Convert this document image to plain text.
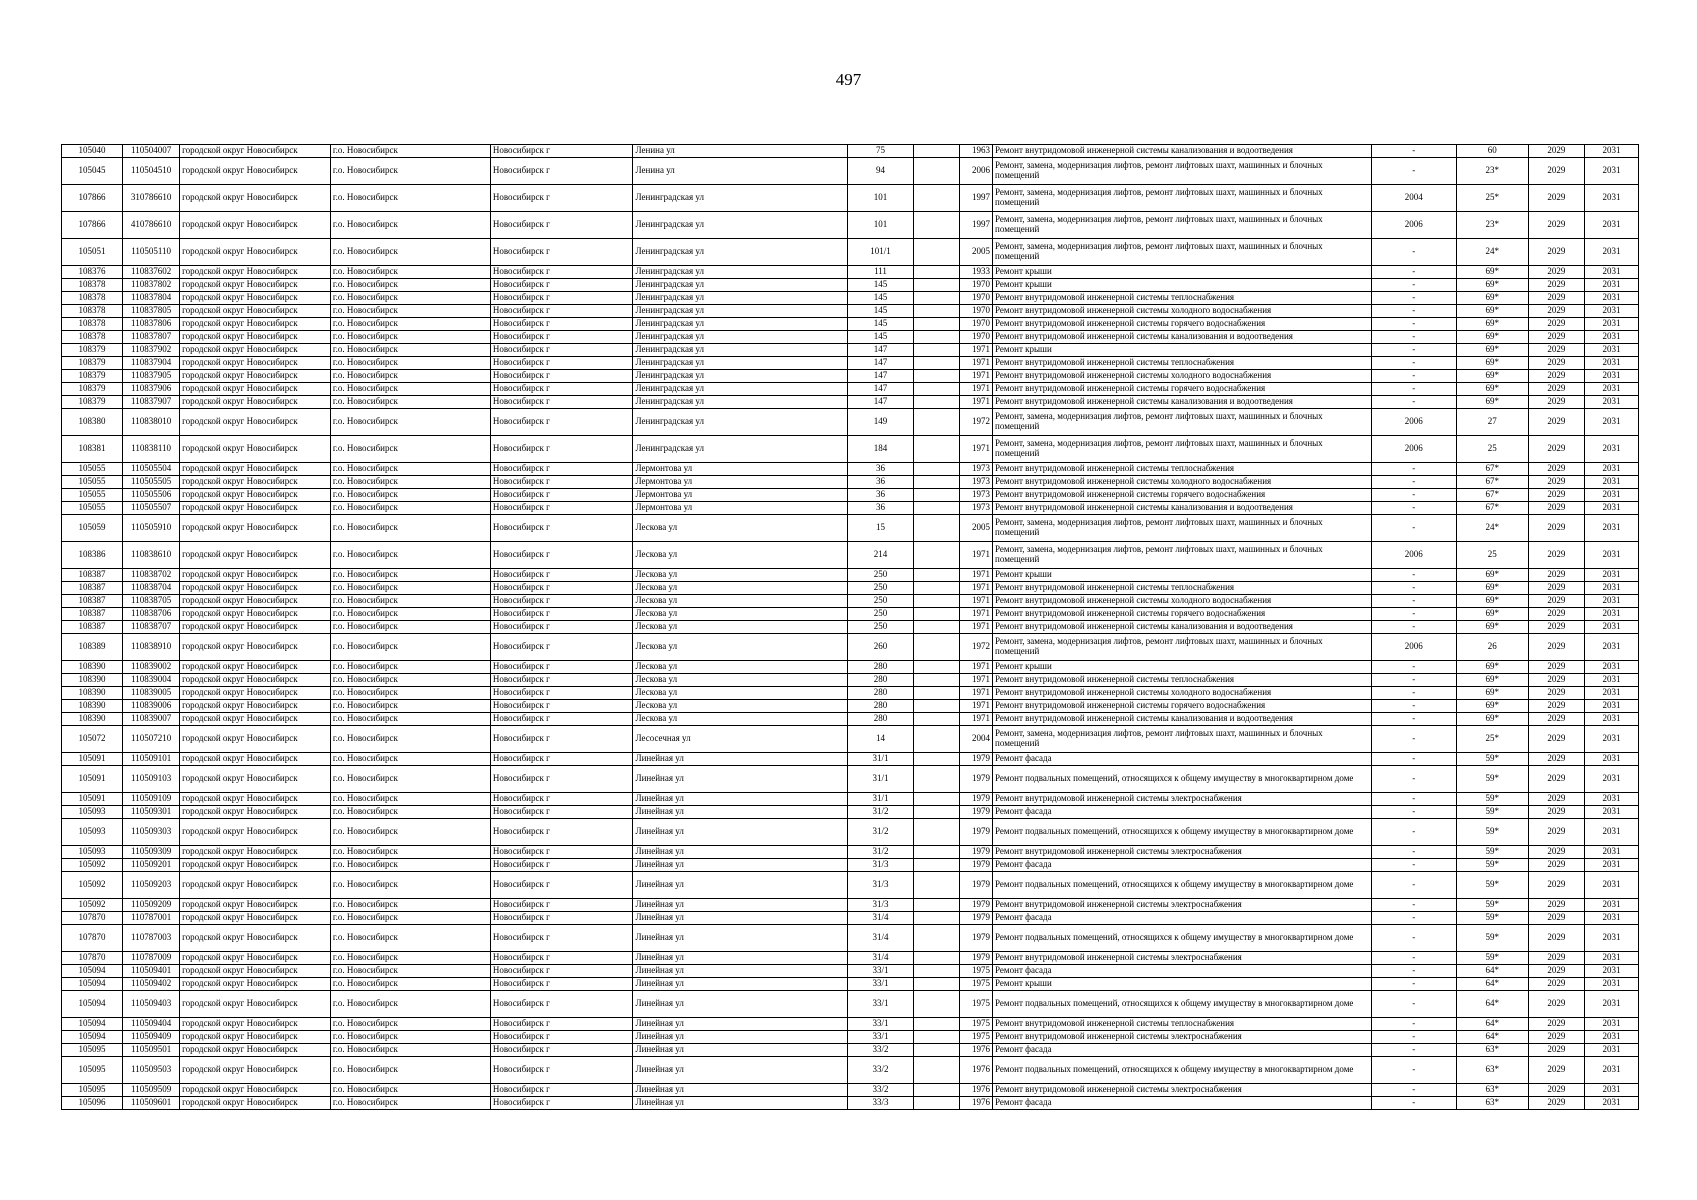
497
105040	110504007	городской округ Новосибирск	г.о. Новосибирск	Новосибирск г	Ленина ул	75		1963	Ремонт внутридомовой инженерной системы канализования и водоотведения	-	60	2029	2031
105045	110504510	городской округ Новосибирск	г.о. Новосибирск	Новосибирск г	Ленина ул	94		2006	Ремонт, замена, модернизация лифтов, ремонт лифтовых шахт, машинных и блочных помещений	-	23*	2029	2031
107866	310786610	городской округ Новосибирск	г.о. Новосибирск	Новосибирск г	Ленинградская ул	101		1997	Ремонт, замена, модернизация лифтов, ремонт лифтовых шахт, машинных и блочных помещений	2004	25*	2029	2031
107866	410786610	городской округ Новосибирск	г.о. Новосибирск	Новосибирск г	Ленинградская ул	101		1997	Ремонт, замена, модернизация лифтов, ремонт лифтовых шахт, машинных и блочных помещений	2006	23*	2029	2031
105051	110505110	городской округ Новосибирск	г.о. Новосибирск	Новосибирск г	Ленинградская ул	101/1		2005	Ремонт, замена, модернизация лифтов, ремонт лифтовых шахт, машинных и блочных помещений	-	24*	2029	2031
108376	110837602	городской округ Новосибирск	г.о. Новосибирск	Новосибирск г	Ленинградская ул	111		1933	Ремонт крыши	-	69*	2029	2031
108378	110837802	городской округ Новосибирск	г.о. Новосибирск	Новосибирск г	Ленинградская ул	145		1970	Ремонт крыши	-	69*	2029	2031
108378	110837804	городской округ Новосибирск	г.о. Новосибирск	Новосибирск г	Ленинградская ул	145		1970	Ремонт внутридомовой инженерной системы теплоснабжения	-	69*	2029	2031
108378	110837805	городской округ Новосибирск	г.о. Новосибирск	Новосибирск г	Ленинградская ул	145		1970	Ремонт внутридомовой инженерной системы холодного водоснабжения	-	69*	2029	2031
108378	110837806	городской округ Новосибирск	г.о. Новосибирск	Новосибирск г	Ленинградская ул	145		1970	Ремонт внутридомовой инженерной системы горячего водоснабжения	-	69*	2029	2031
108378	110837807	городской округ Новосибирск	г.о. Новосибирск	Новосибирск г	Ленинградская ул	145		1970	Ремонт внутридомовой инженерной системы канализования и водоотведения	-	69*	2029	2031
108379	110837902	городской округ Новосибирск	г.о. Новосибирск	Новосибирск г	Ленинградская ул	147		1971	Ремонт крыши	-	69*	2029	2031
108379	110837904	городской округ Новосибирск	г.о. Новосибирск	Новосибирск г	Ленинградская ул	147		1971	Ремонт внутридомовой инженерной системы теплоснабжения	-	69*	2029	2031
108379	110837905	городской округ Новосибирск	г.о. Новосибирск	Новосибирск г	Ленинградская ул	147		1971	Ремонт внутридомовой инженерной системы холодного водоснабжения	-	69*	2029	2031
108379	110837906	городской округ Новосибирск	г.о. Новосибирск	Новосибирск г	Ленинградская ул	147		1971	Ремонт внутридомовой инженерной системы горячего водоснабжения	-	69*	2029	2031
108379	110837907	городской округ Новосибирск	г.о. Новосибирск	Новосибирск г	Ленинградская ул	147		1971	Ремонт внутридомовой инженерной системы канализования и водоотведения	-	69*	2029	2031
108380	110838010	городской округ Новосибирск	г.о. Новосибирск	Новосибирск г	Ленинградская ул	149		1972	Ремонт, замена, модернизация лифтов, ремонт лифтовых шахт, машинных и блочных помещений	2006	27	2029	2031
108381	110838110	городской округ Новосибирск	г.о. Новосибирск	Новосибирск г	Ленинградская ул	184		1971	Ремонт, замена, модернизация лифтов, ремонт лифтовых шахт, машинных и блочных помещений	2006	25	2029	2031
105055	110505504	городской округ Новосибирск	г.о. Новосибирск	Новосибирск г	Лермонтова ул	36		1973	Ремонт внутридомовой инженерной системы теплоснабжения	-	67*	2029	2031
105055	110505505	городской округ Новосибирск	г.о. Новосибирск	Новосибирск г	Лермонтова ул	36		1973	Ремонт внутридомовой инженерной системы холодного водоснабжения	-	67*	2029	2031
105055	110505506	городской округ Новосибирск	г.о. Новосибирск	Новосибирск г	Лермонтова ул	36		1973	Ремонт внутридомовой инженерной системы горячего водоснабжения	-	67*	2029	2031
105055	110505507	городской округ Новосибирск	г.о. Новосибирск	Новосибирск г	Лермонтова ул	36		1973	Ремонт внутридомовой инженерной системы канализования и водоотведения	-	67*	2029	2031
105059	110505910	городской округ Новосибирск	г.о. Новосибирск	Новосибирск г	Лескова ул	15		2005	Ремонт, замена, модернизация лифтов, ремонт лифтовых шахт, машинных и блочных помещений	-	24*	2029	2031
108386	110838610	городской округ Новосибирск	г.о. Новосибирск	Новосибирск г	Лескова ул	214		1971	Ремонт, замена, модернизация лифтов, ремонт лифтовых шахт, машинных и блочных помещений	2006	25	2029	2031
108387	110838702	городской округ Новосибирск	г.о. Новосибирск	Новосибирск г	Лескова ул	250		1971	Ремонт крыши	-	69*	2029	2031
108387	110838704	городской округ Новосибирск	г.о. Новосибирск	Новосибирск г	Лескова ул	250		1971	Ремонт внутридомовой инженерной системы теплоснабжения	-	69*	2029	2031
108387	110838705	городской округ Новосибирск	г.о. Новосибирск	Новосибирск г	Лескова ул	250		1971	Ремонт внутридомовой инженерной системы холодного водоснабжения	-	69*	2029	2031
108387	110838706	городской округ Новосибирск	г.о. Новосибирск	Новосибирск г	Лескова ул	250		1971	Ремонт внутридомовой инженерной системы горячего водоснабжения	-	69*	2029	2031
108387	110838707	городской округ Новосибирск	г.о. Новосибирск	Новосибирск г	Лескова ул	250		1971	Ремонт внутридомовой инженерной системы канализования и водоотведения	-	69*	2029	2031
108389	110838910	городской округ Новосибирск	г.о. Новосибирск	Новосибирск г	Лескова ул	260		1972	Ремонт, замена, модернизация лифтов, ремонт лифтовых шахт, машинных и блочных помещений	2006	26	2029	2031
108390	110839002	городской округ Новосибирск	г.о. Новосибирск	Новосибирск г	Лескова ул	280		1971	Ремонт крыши	-	69*	2029	2031
108390	110839004	городской округ Новосибирск	г.о. Новосибирск	Новосибирск г	Лескова ул	280		1971	Ремонт внутридомовой инженерной системы теплоснабжения	-	69*	2029	2031
108390	110839005	городской округ Новосибирск	г.о. Новосибирск	Новосибирск г	Лескова ул	280		1971	Ремонт внутридомовой инженерной системы холодного водоснабжения	-	69*	2029	2031
108390	110839006	городской округ Новосибирск	г.о. Новосибирск	Новосибирск г	Лескова ул	280		1971	Ремонт внутридомовой инженерной системы горячего водоснабжения	-	69*	2029	2031
108390	110839007	городской округ Новосибирск	г.о. Новосибирск	Новосибирск г	Лескова ул	280		1971	Ремонт внутридомовой инженерной системы канализования и водоотведения	-	69*	2029	2031
105072	110507210	городской округ Новосибирск	г.о. Новосибирск	Новосибирск г	Лесосечная ул	14		2004	Ремонт, замена, модернизация лифтов, ремонт лифтовых шахт, машинных и блочных помещений	-	25*	2029	2031
105091	110509101	городской округ Новосибирск	г.о. Новосибирск	Новосибирск г	Линейная ул	31/1		1979	Ремонт фасада	-	59*	2029	2031
105091	110509103	городской округ Новосибирск	г.о. Новосибирск	Новосибирск г	Линейная ул	31/1		1979	Ремонт подвальных помещений, относящихся к общему имуществу в многоквартирном доме	-	59*	2029	2031
105091	110509109	городской округ Новосибирск	г.о. Новосибирск	Новосибирск г	Линейная ул	31/1		1979	Ремонт внутридомовой инженерной системы электроснабжения	-	59*	2029	2031
105093	110509301	городской округ Новосибирск	г.о. Новосибирск	Новосибирск г	Линейная ул	31/2		1979	Ремонт фасада	-	59*	2029	2031
105093	110509303	городской округ Новосибирск	г.о. Новосибирск	Новосибирск г	Линейная ул	31/2		1979	Ремонт подвальных помещений, относящихся к общему имуществу в многоквартирном доме	-	59*	2029	2031
105093	110509309	городской округ Новосибирск	г.о. Новосибирск	Новосибирск г	Линейная ул	31/2		1979	Ремонт внутридомовой инженерной системы электроснабжения	-	59*	2029	2031
105092	110509201	городской округ Новосибирск	г.о. Новосибирск	Новосибирск г	Линейная ул	31/3		1979	Ремонт фасада	-	59*	2029	2031
105092	110509203	городской округ Новосибирск	г.о. Новосибирск	Новосибирск г	Линейная ул	31/3		1979	Ремонт подвальных помещений, относящихся к общему имуществу в многоквартирном доме	-	59*	2029	2031
105092	110509209	городской округ Новосибирск	г.о. Новосибирск	Новосибирск г	Линейная ул	31/3		1979	Ремонт внутридомовой инженерной системы электроснабжения	-	59*	2029	2031
107870	110787001	городской округ Новосибирск	г.о. Новосибирск	Новосибирск г	Линейная ул	31/4		1979	Ремонт фасада	-	59*	2029	2031
107870	110787003	городской округ Новосибирск	г.о. Новосибирск	Новосибирск г	Линейная ул	31/4		1979	Ремонт подвальных помещений, относящихся к общему имуществу в многоквартирном доме	-	59*	2029	2031
107870	110787009	городской округ Новосибирск	г.о. Новосибирск	Новосибирск г	Линейная ул	31/4		1979	Ремонт внутридомовой инженерной системы электроснабжения	-	59*	2029	2031
105094	110509401	городской округ Новосибирск	г.о. Новосибирск	Новосибирск г	Линейная ул	33/1		1975	Ремонт фасада	-	64*	2029	2031
105094	110509402	городской округ Новосибирск	г.о. Новосибирск	Новосибирск г	Линейная ул	33/1		1975	Ремонт крыши	-	64*	2029	2031
105094	110509403	городской округ Новосибирск	г.о. Новосибирск	Новосибирск г	Линейная ул	33/1		1975	Ремонт подвальных помещений, относящихся к общему имуществу в многоквартирном доме	-	64*	2029	2031
105094	110509404	городской округ Новосибирск	г.о. Новосибирск	Новосибирск г	Линейная ул	33/1		1975	Ремонт внутридомовой инженерной системы теплоснабжения	-	64*	2029	2031
105094	110509409	городской округ Новосибирск	г.о. Новосибирск	Новосибирск г	Линейная ул	33/1		1975	Ремонт внутридомовой инженерной системы электроснабжения	-	64*	2029	2031
105095	110509501	городской округ Новосибирск	г.о. Новосибирск	Новосибирск г	Линейная ул	33/2		1976	Ремонт фасада	-	63*	2029	2031
105095	110509503	городской округ Новосибирск	г.о. Новосибирск	Новосибирск г	Линейная ул	33/2		1976	Ремонт подвальных помещений, относящихся к общему имуществу в многоквартирном доме	-	63*	2029	2031
105095	110509509	городской округ Новосибирск	г.о. Новосибирск	Новосибирск г	Линейная ул	33/2		1976	Ремонт внутридомовой инженерной системы электроснабжения	-	63*	2029	2031
105096	110509601	городской округ Новосибирск	г.о. Новосибирск	Новосибирск г	Линейная ул	33/3		1976	Ремонт фасада	-	63*	2029	2031
